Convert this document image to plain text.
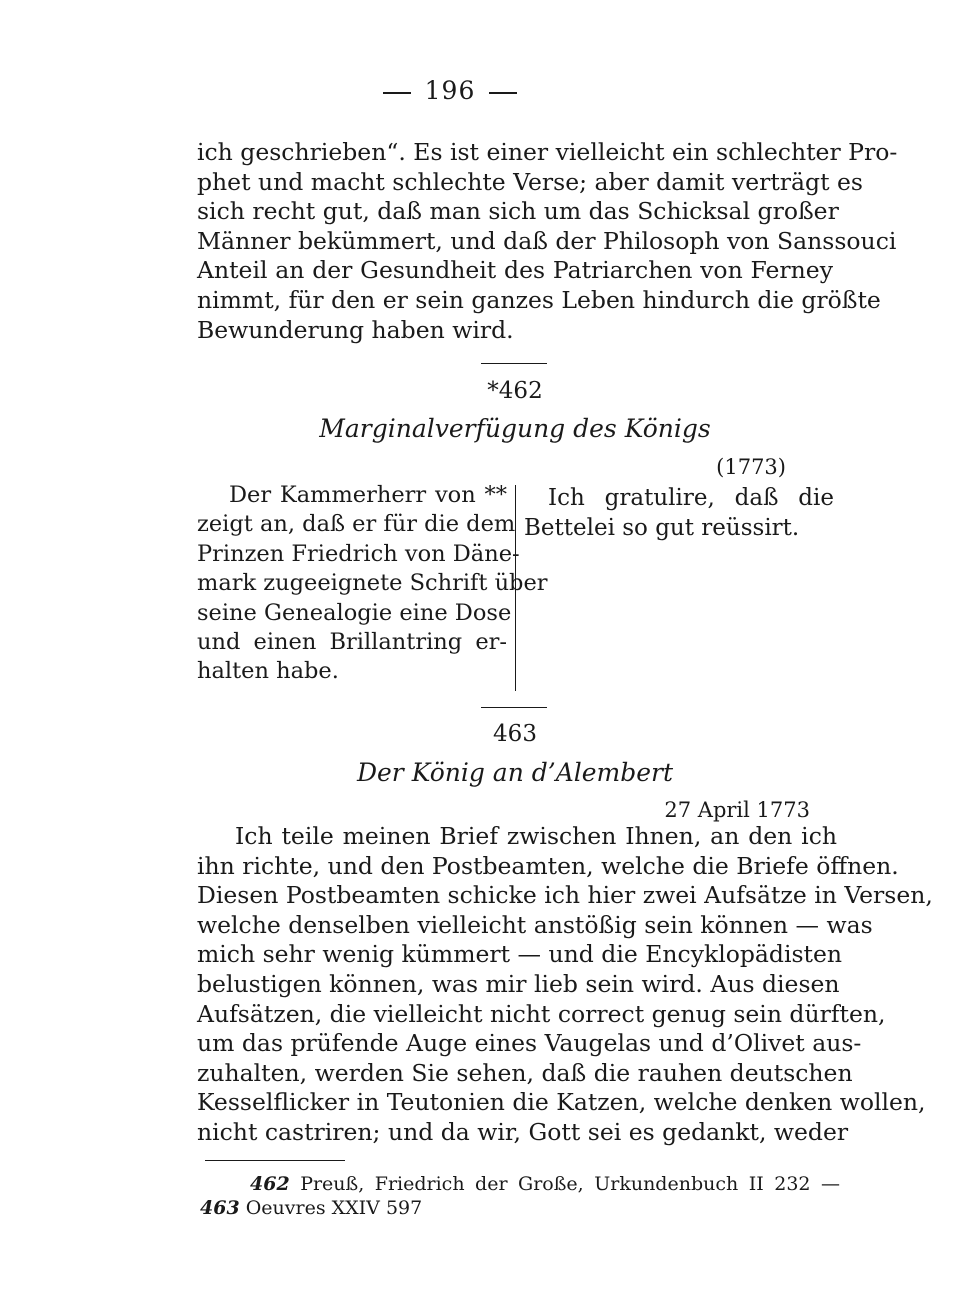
196
ich geschrieben“. Es ist einer vielleicht ein schlechter Pro-
phet und macht schlechte Verse; aber damit verträgt es
sich recht gut, daß man sich um das Schicksal großer
Männer bekümmert, und daß der Philosoph von Sanssouci
Anteil an der Gesundheit des Patriarchen von Ferney
nimmt, für den er sein ganzes Leben hindurch die größte
Bewunderung haben wird.
*462
Marginalverfügung des Königs
(1773)
Der Kammerherr von **
zeigt an, daß er für die dem
Prinzen Friedrich von Däne-
mark zugeeignete Schrift über
seine Genealogie eine Dose
und einen Brillantring er-
halten habe.
Ich gratulire, daß die
Bettelei so gut reüssirt.
463
Der König an d’Alembert
27 April 1773
Ich teile meinen Brief zwischen Ihnen, an den ich
ihn richte, und den Postbeamten, welche die Briefe öffnen.
Diesen Postbeamten schicke ich hier zwei Aufsätze in Versen,
welche denselben vielleicht anstößig sein können — was
mich sehr wenig kümmert — und die Encyklopädisten
belustigen können, was mir lieb sein wird. Aus diesen
Aufsätzen, die vielleicht nicht correct genug sein dürften,
um das prüfende Auge eines Vaugelas und d’Olivet aus-
zuhalten, werden Sie sehen, daß die rauhen deutschen
Kesselflicker in Teutonien die Katzen, welche denken wollen,
nicht castriren; und da wir, Gott sei es gedankt, weder
462 Preuß, Friedrich der Große, Urkundenbuch II 232 —
463 Oeuvres XXIV 597
